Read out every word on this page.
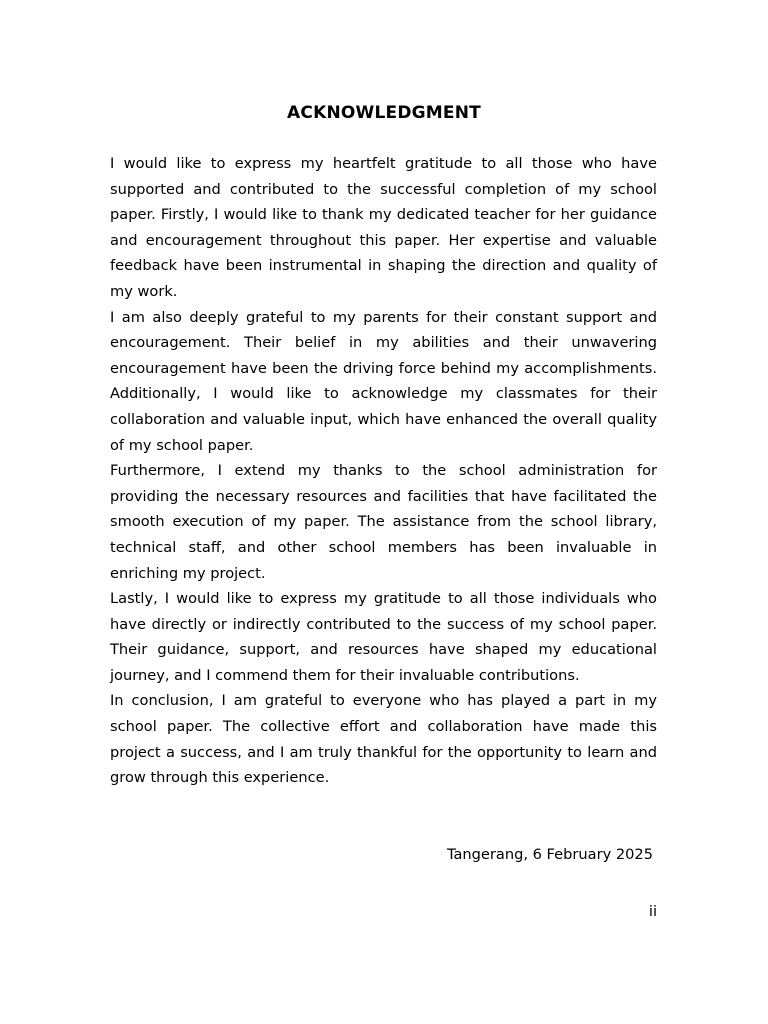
ACKNOWLEDGMENT

I would like to express my heartfelt gratitude to all those who have supported and contributed to the successful completion of my school paper. Firstly, I would like to thank my dedicated teacher for her guidance and encouragement throughout this paper. Her expertise and valuable feedback have been instrumental in shaping the direction and quality of my work.

I am also deeply grateful to my parents for their constant support and encouragement. Their belief in my abilities and their unwavering encouragement have been the driving force behind my accomplishments. Additionally, I would like to acknowledge my classmates for their collaboration and valuable input, which have enhanced the overall quality of my school paper.

Furthermore, I extend my thanks to the school administration for providing the necessary resources and facilities that have facilitated the smooth execution of my paper. The assistance from the school library, technical staff, and other school members has been invaluable in enriching my project.

Lastly, I would like to express my gratitude to all those individuals who have directly or indirectly contributed to the success of my school paper. Their guidance, support, and resources have shaped my educational journey, and I commend them for their invaluable contributions.

In conclusion, I am grateful to everyone who has played a part in my school paper. The collective effort and collaboration have made this project a success, and I am truly thankful for the opportunity to learn and grow through this experience.

Tangerang, 6 February 2025
ii
